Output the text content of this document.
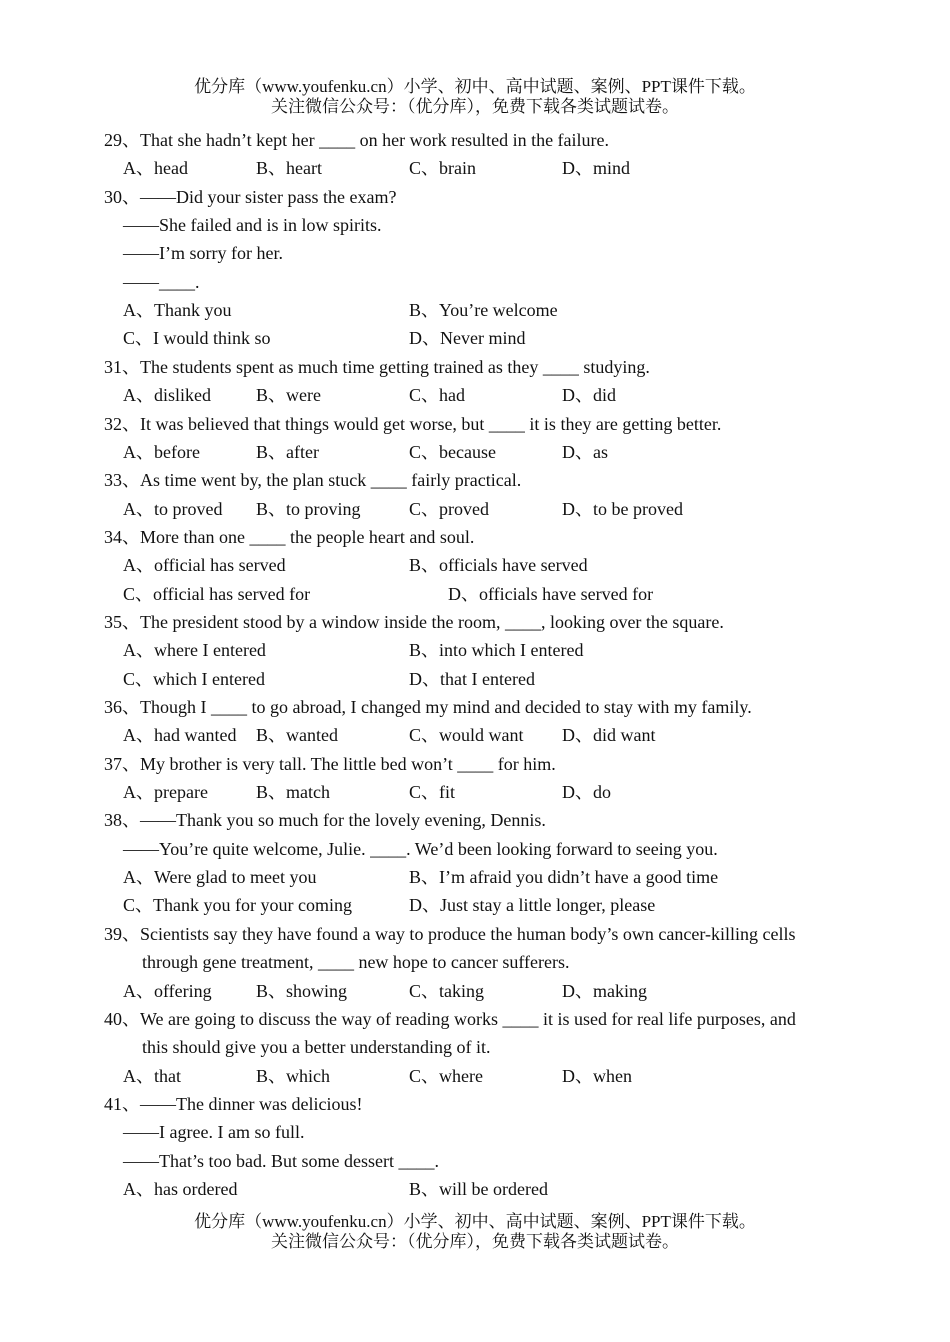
优分库（www.youfenku.cn）小学、初中、高中试题、案例、PPT课件下载。
关注微信公众号：（优分库），免费下载各类试题试卷。
29、That she hadn’t kept her ____ on her work resulted in the failure.
A、head	B、heart	C、brain	D、mind
30、——Did your sister pass the exam?
——She failed and is in low spirits.
——I’m sorry for her.
——____.
A、Thank you	B、You’re welcome
C、I would think so	D、Never mind
31、The students spent as much time getting trained as they ____ studying.
A、disliked	B、were	C、had	D、did
32、It was believed that things would get worse, but ____ it is they are getting better.
A、before	B、after	C、because	D、as
33、As time went by, the plan stuck ____ fairly practical.
A、to proved B、to proving	C、proved	D、to be proved
34、More than one ____ the people heart and soul.
A、official has served	B、officials have served
C、official has served for	D、officials have served for
35、The president stood by a window inside the room, ____, looking over the square.
A、where I entered	B、into which I entered
C、which I entered	D、that I entered
36、Though I ____ to go abroad, I changed my mind and decided to stay with my family.
A、had wanted B、wanted	C、would want D、did want
37、My brother is very tall. The little bed won’t ____ for him.
A、prepare	B、match	C、fit	D、do
38、——Thank you so much for the lovely evening, Dennis.
——You’re quite welcome, Julie. ____. We’d been looking forward to seeing you.
A、Were glad to meet you	B、I’m afraid you didn’t have a good time
C、Thank you for your coming	D、Just stay a little longer, please
39、Scientists say they have found a way to produce the human body’s own cancer-killing cells
through gene treatment, ____ new hope to cancer sufferers.
A、offering B、showing	C、taking	D、making
40、We are going to discuss the way of reading works ____ it is used for real life purposes, and
this should give you a better understanding of it.
A、that	B、which	C、where	D、when
41、——The dinner was delicious!
——I agree. I am so full.
——That’s too bad. But some dessert ____.
A、has ordered	B、will be ordered
优分库（www.youfenku.cn）小学、初中、高中试题、案例、PPT课件下载。
关注微信公众号：（优分库），免费下载各类试题试卷。
